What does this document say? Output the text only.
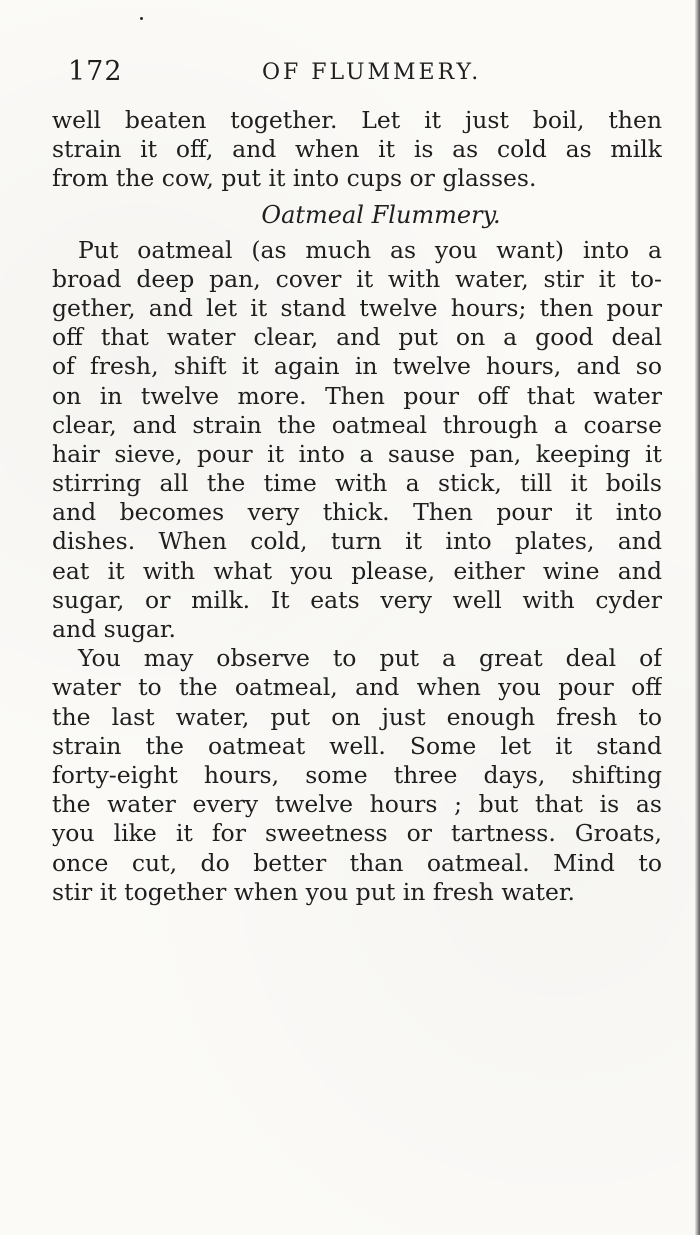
172	OF FLUMMERY.
well beaten together. Let it just boil, then
strain it off, and when it is as cold as milk
from the cow, put it into cups or glasses.
Oatmeal Flummery.
Put oatmeal (as much as you want) into a
broad deep pan, cover it with water, stir it to-
gether, and let it stand twelve hours; then pour
off that water clear, and put on a good deal
of fresh, shift it again in twelve hours, and so
on in twelve more. Then pour off that water
clear, and strain the oatmeal through a coarse
hair sieve, pour it into a sause pan, keeping it
stirring all the time with a stick, till it boils
and becomes very thick. Then pour it into
dishes. When cold, turn it into plates, and
eat it with what you please, either wine and
sugar, or milk. It eats very well with cyder
and sugar.
You may observe to put a great deal of
water to the oatmeal, and when you pour off
the last water, put on just enough fresh to
strain the oatmeat well. Some let it stand
forty-eight hours, some three days, shifting
the water every twelve hours ; but that is as
you like it for sweetness or tartness. Groats,
once cut, do better than oatmeal. Mind to
stir it together when you put in fresh water.
